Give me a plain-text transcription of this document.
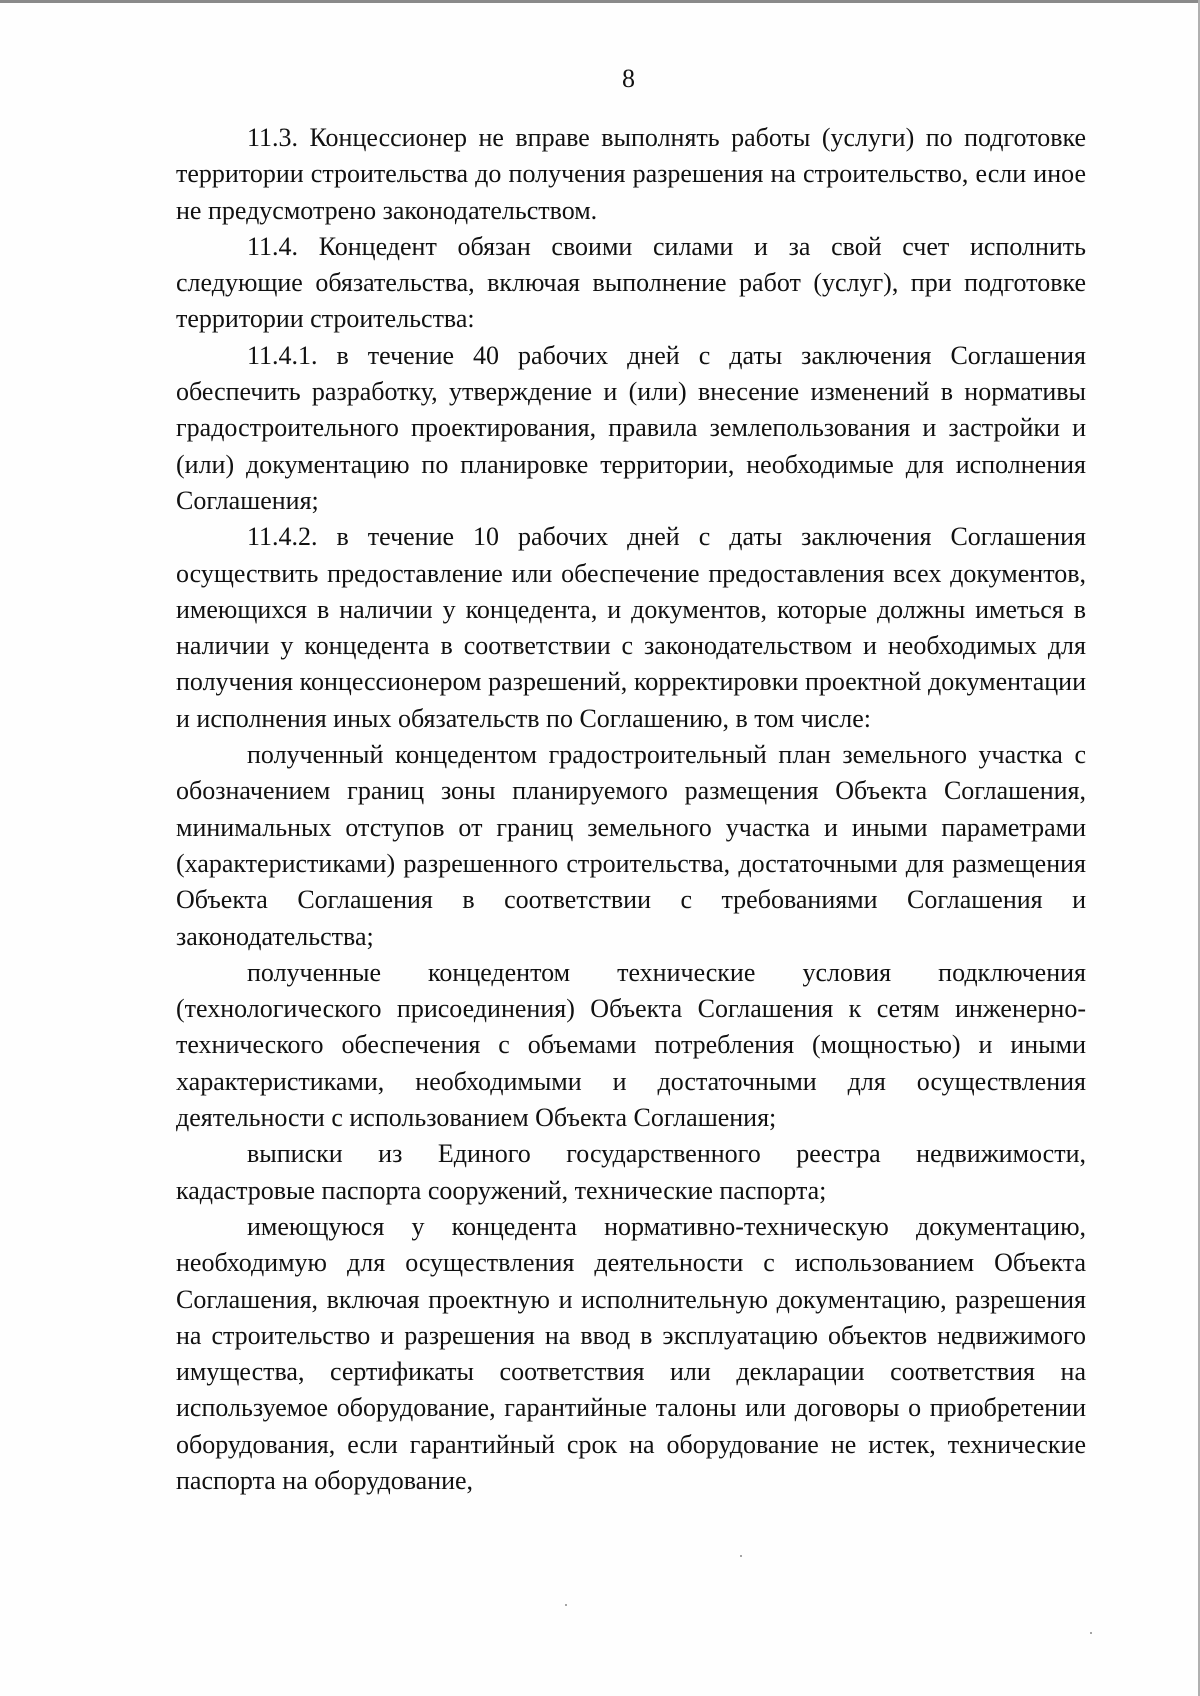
8

11.3. Концессионер не вправе выполнять работы (услуги) по подготовке территории строительства до получения разрешения на строительство, если иное не предусмотрено законодательством.

11.4. Концедент обязан своими силами и за свой счет исполнить следующие обязательства, включая выполнение работ (услуг), при подготовке территории строительства:

11.4.1. в течение 40 рабочих дней с даты заключения Соглашения обеспечить разработку, утверждение и (или) внесение изменений в нормативы градостроительного проектирования, правила землепользования и застройки и (или) документацию по планировке территории, необходимые для исполнения Соглашения;

11.4.2. в течение 10 рабочих дней с даты заключения Соглашения осуществить предоставление или обеспечение предоставления всех документов, имеющихся в наличии у концедента, и документов, которые должны иметься в наличии у концедента в соответствии с законодательством и необходимых для получения концессионером разрешений, корректировки проектной документации и исполнения иных обязательств по Соглашению, в том числе:

полученный концедентом градостроительный план земельного участка с обозначением границ зоны планируемого размещения Объекта Соглашения, минимальных отступов от границ земельного участка и иными параметрами (характеристиками) разрешенного строительства, достаточными для размещения Объекта Соглашения в соответствии с требованиями Соглашения и законодательства;

полученные концедентом технические условия подключения (технологического присоединения) Объекта Соглашения к сетям инженерно-технического обеспечения с объемами потребления (мощностью) и иными характеристиками, необходимыми и достаточными для осуществления деятельности с использованием Объекта Соглашения;

выписки из Единого государственного реестра недвижимости, кадастровые паспорта сооружений, технические паспорта;

имеющуюся у концедента нормативно-техническую документацию, необходимую для осуществления деятельности с использованием Объекта Соглашения, включая проектную и исполнительную документацию, разрешения на строительство и разрешения на ввод в эксплуатацию объектов недвижимого имущества, сертификаты соответствия или декларации соответствия на используемое оборудование, гарантийные талоны или договоры о приобретении оборудования, если гарантийный срок на оборудование не истек, технические паспорта на оборудование,
